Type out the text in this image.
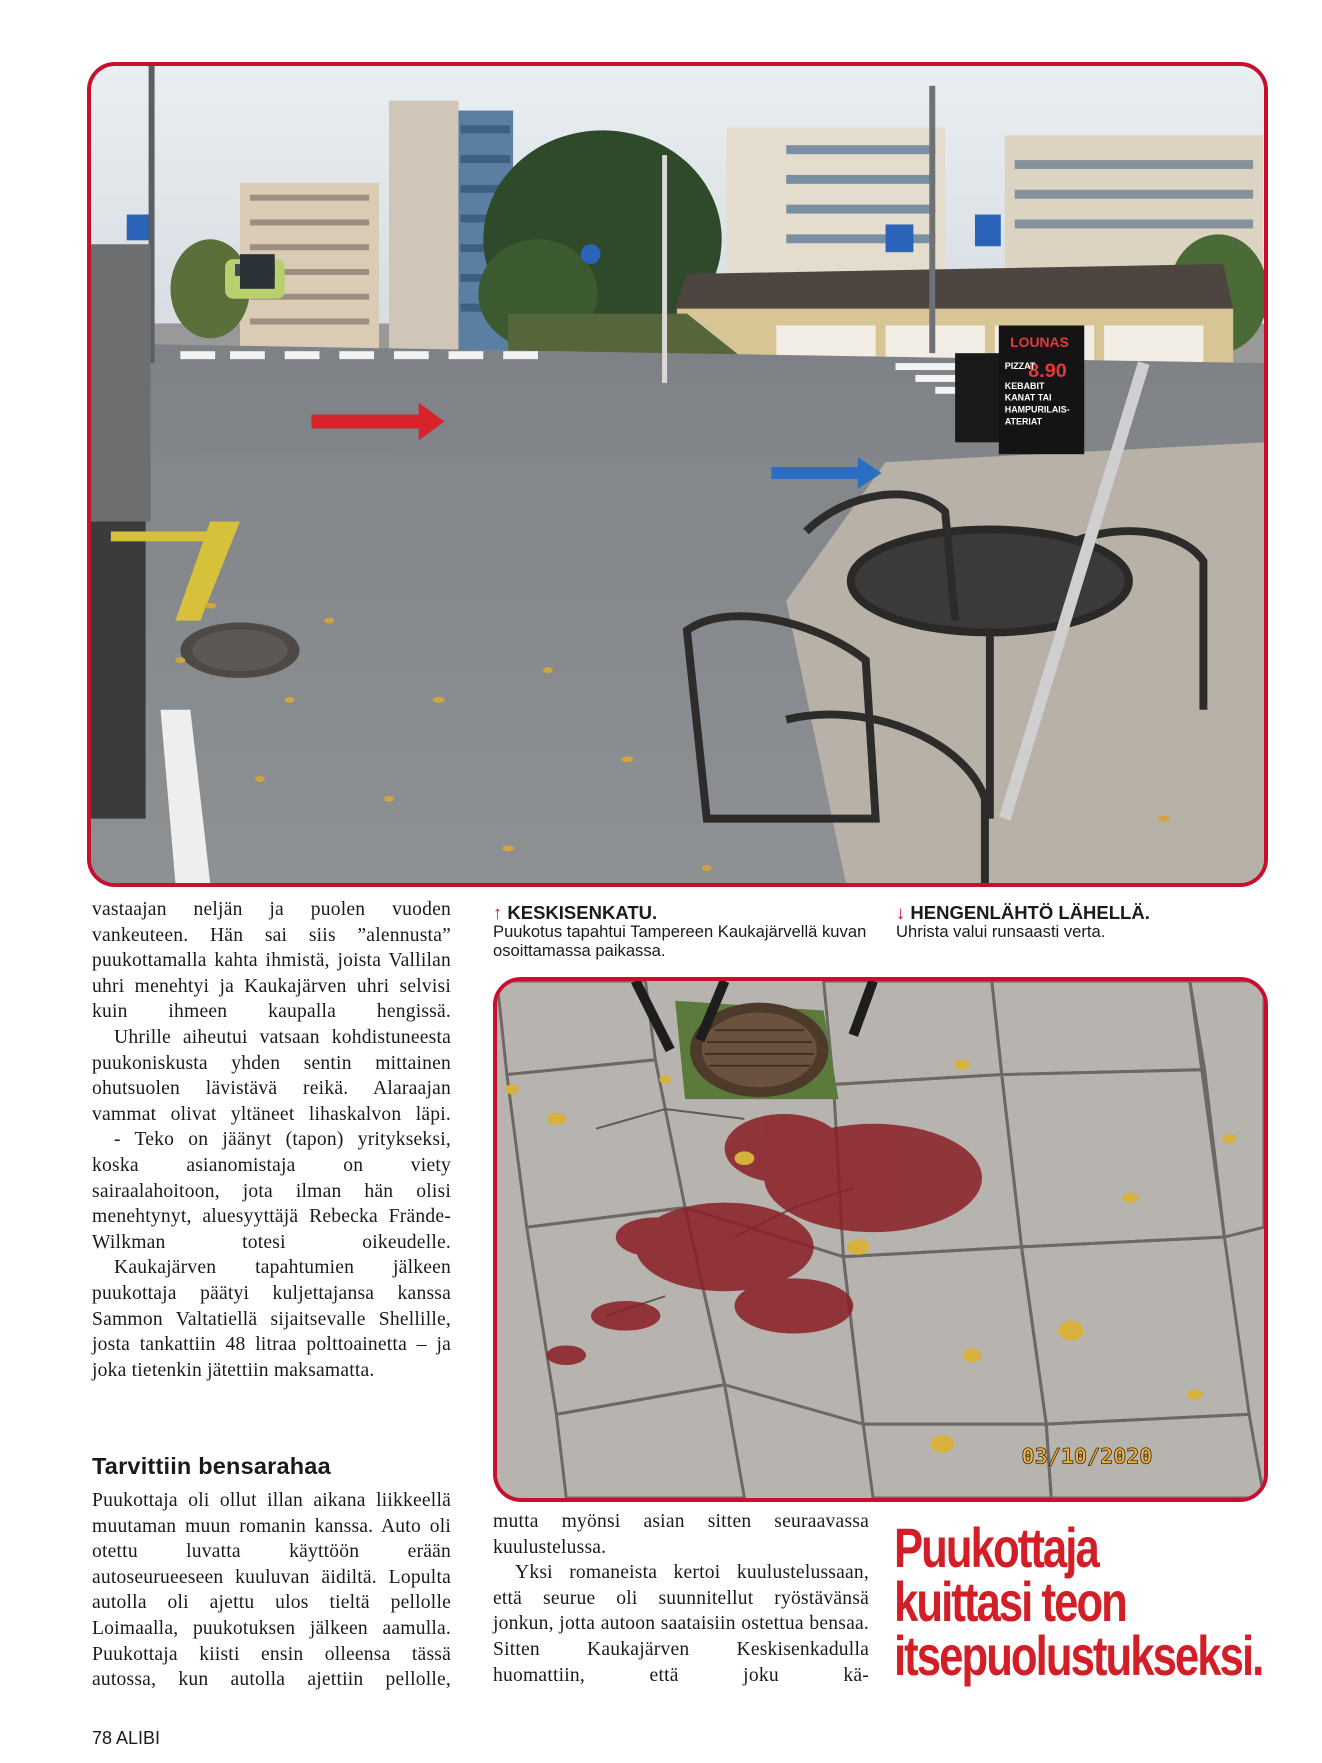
LOUNAS
8.90
PIZZAT
KEBABIT
KANAT TAI
HAMPURILAIS-
ATERIAT
↑ KESKISENKATU.
Puukotus tapahtui Tampereen Kaukajärvellä kuvan osoittamassa paikassa.
↓ HENGENLÄHTÖ LÄHELLÄ.
Uhrista valui runsaasti verta.
03/10/2020

vastaajan neljän ja puolen vuoden vankeuteen. Hän sai siis ”alennusta” puukottamalla kahta ihmistä, joista Vallilan uhri menehtyi ja Kaukajärven uhri selvisi kuin ihmeen kaupalla hengissä.

Uhrille aiheutui vatsaan kohdistuneesta puukoniskusta yhden sentin mittainen ohutsuolen lävistävä reikä. Alaraajan vammat olivat yltäneet lihaskalvon läpi.

- Teko on jäänyt (tapon) yritykseksi, koska asianomistaja on viety sairaalahoitoon, jota ilman hän olisi menehtynyt, aluesyyttäjä Rebecka Frände-Wilkman totesi oikeudelle.

Kaukajärven tapahtumien jälkeen puukottaja päätyi kuljettajansa kanssa Sammon Valtatiellä sijaitsevalle Shellille, josta tankattiin 48 litraa polttoainetta – ja joka tietenkin jätettiin maksamatta.

Tarvittiin bensarahaa

Puukottaja oli ollut illan aikana liikkeellä muutaman muun romanin kanssa. Auto oli otettu luvatta käyttöön erään autoseurueeseen kuuluvan äidiltä. Lopulta autolla oli ajettu ulos tieltä pellolle Loimaalla, puukotuksen jälkeen aamulla. Puukottaja kiisti ensin olleensa tässä autossa, kun autolla ajettiin pellolle,

mutta myönsi asian sitten seuraavassa kuulustelussa.

Yksi romaneista kertoi kuulustelussaan, että seurue oli suunnitellut ryöstävänsä jonkun, jotta autoon saataisiin ostettua bensaa. Sitten Kaukajärven Keskisenkadulla huomattiin, että joku kä-

Puukottaja
kuittasi teon
itsepuolustukseksi.
78 ALIBI
